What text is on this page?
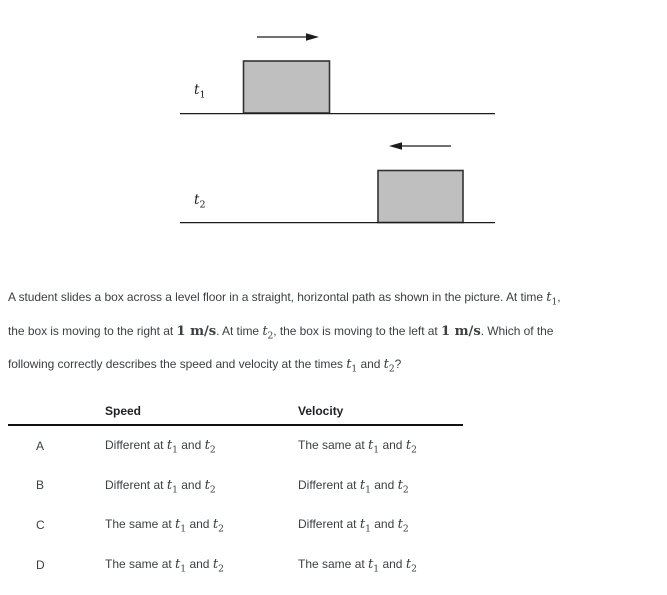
$t_1$
$t_2$
A student slides a box across a level floor in a straight, horizontal path as shown in the picture. At time $t_1$,
the box is moving to the right at 1 m/s. At time $t_2$, the box is moving to the left at 1 m/s. Which of the
following correctly describes the speed and velocity at the times $t_1$ and $t_2$?
Speed	Velocity
A	Different at $t_1$ and $t_2$	The same at $t_1$ and $t_2$
B	Different at $t_1$ and $t_2$	Different at $t_1$ and $t_2$
C	The same at $t_1$ and $t_2$	Different at $t_1$ and $t_2$
D	The same at $t_1$ and $t_2$	The same at $t_1$ and $t_2$
